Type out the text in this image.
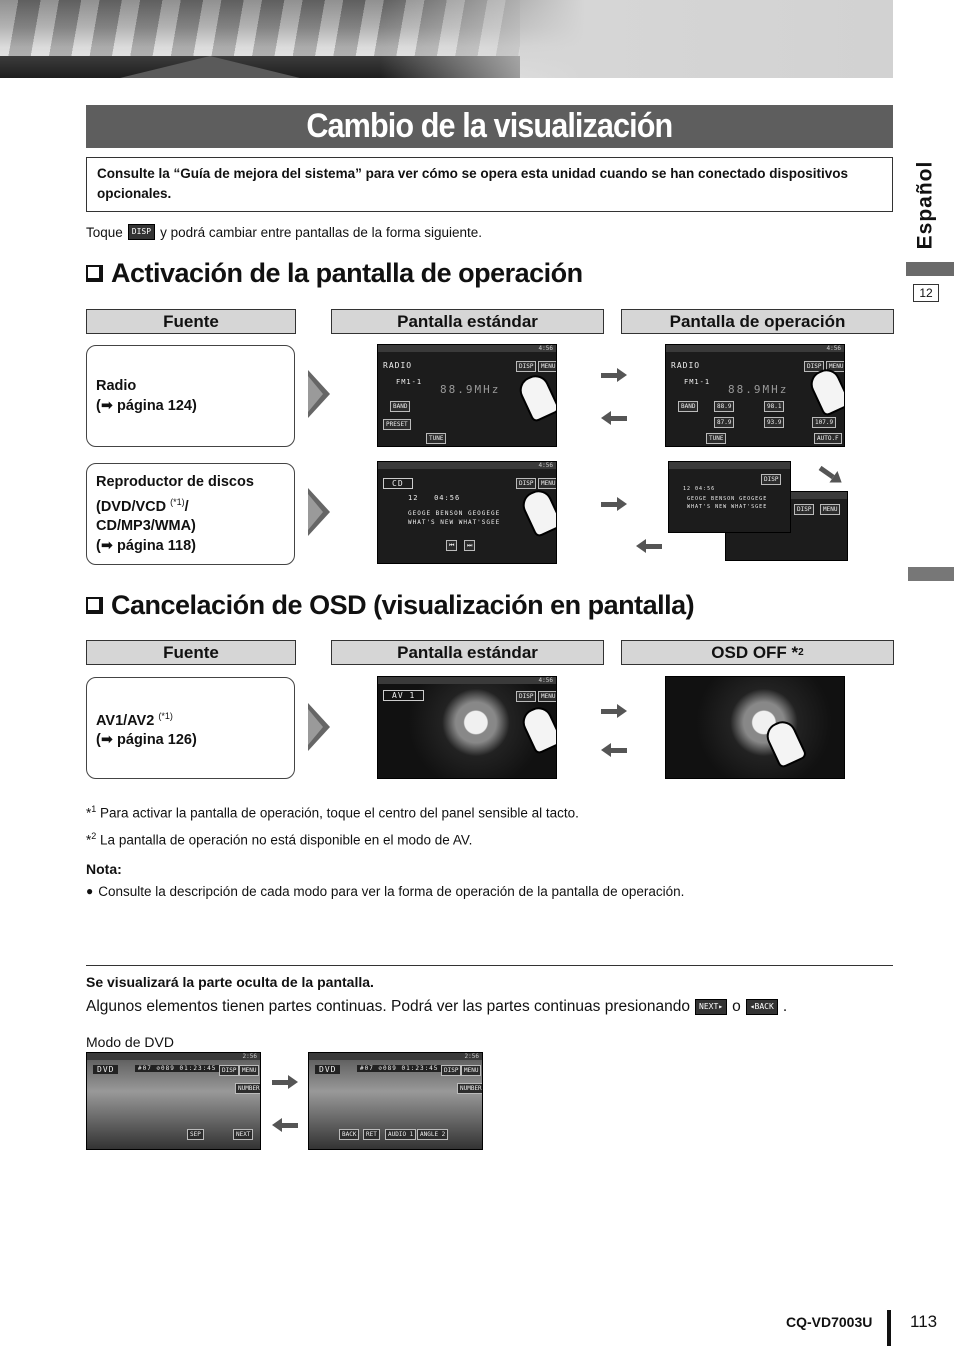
Cambio de la visualización
Consulte la “Guía de mejora del sistema” para ver cómo se opera esta unidad cuando se han conectado dispositivos opcionales.
Toque	DISP y podrá cambiar entre pantallas de la forma siguiente.
Activación de la pantalla de operación
Fuente	Pantalla estándar	Pantalla de operación
Radio
(➡ página 124)
4:56
RADIO	DISP	MENU
FM1-1
88.9MHz
BAND
PRESET
TUNE
4:56
RADIO	DISP	MENU
FM1-1
88.9MHz
BAND	88.9	98.1
87.9	93.9	107.9
TUNE	AUTO.F
Reproductor de discos
(DVD/VCD $^{(*1)}$/
CD/MP3/WMA)
(➡ página 118)
4:56
CD	DISP	MENU
12 04:56
GEOGE BENSON GEOGEGE
WHAT'S NEW WHAT'SGEE
⏮	⏭
DISP	MENU
DISP
12 04:56
GEOGE BENSON GEOGEGE
WHAT'S NEW WHAT'SGEE
Cancelación de OSD (visualización en pantalla)
Fuente	Pantalla estándar	OSD OFF * 2
AV1/AV2 $^{(*1)}$
(➡ página 126)
4:56
AV 1	DISP	MENU
*$^1$ Para activar la pantalla de operación, toque el centro del panel sensible al tacto.
*$^2$ La pantalla de operación no está disponible en el modo de AV.
Nota:
● Consulte la descripción de cada modo para ver la forma de operación de la pantalla de operación.
Se visualizará la parte oculta de la pantalla.
Algunos elementos tienen partes continuas. Podrá ver las partes continuas presionando	NEXT▸ o	◂BACK .
Modo de DVD
2:56
DVD	#07 ⊘089 01:23:45 DISP MENU
NUMBER
SEP	NEXT
2:56
DVD	#07 ⊘089 01:23:45 DISP MENU
NUMBER
BACK	RET	AUDIO 1	ANGLE 2
Español
12
CQ-VD7003U 113
